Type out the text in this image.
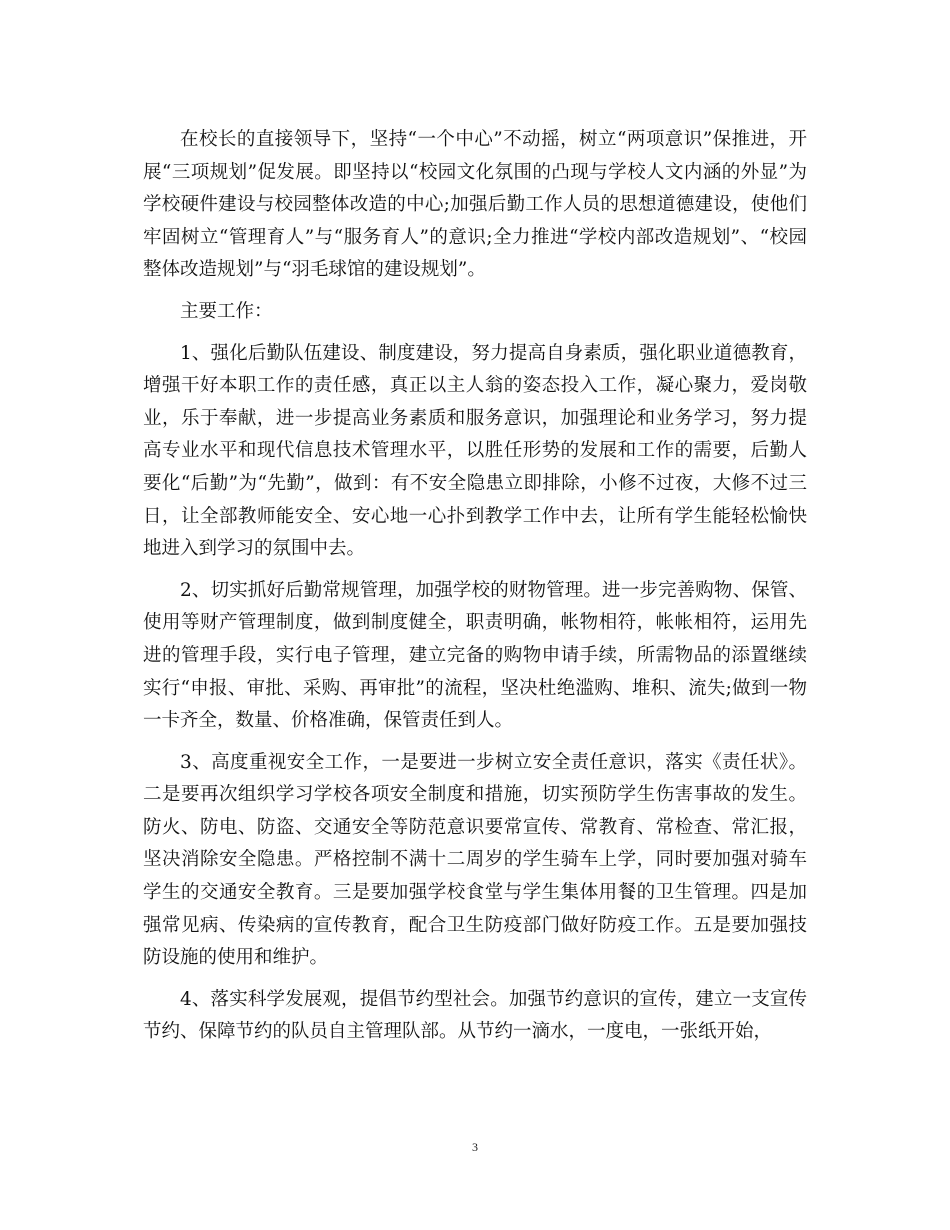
在校长的直接领导下，坚持“一个中心”不动摇，树立“两项意识”保推进，开展“三项规划”促发展。即坚持以“校园文化氛围的凸现与学校人文内涵的外显”为学校硬件建设与校园整体改造的中心;加强后勤工作人员的思想道德建设，使他们牢固树立“管理育人”与“服务育人”的意识;全力推进“学校内部改造规划”、“校园整体改造规划”与“羽毛球馆的建设规划”。

主要工作：

1、强化后勤队伍建设、制度建设，努力提高自身素质，强化职业道德教育，增强干好本职工作的责任感，真正以主人翁的姿态投入工作，凝心聚力，爱岗敬业，乐于奉献，进一步提高业务素质和服务意识，加强理论和业务学习，努力提高专业水平和现代信息技术管理水平，以胜任形势的发展和工作的需要，后勤人要化“后勤”为“先勤”，做到：有不安全隐患立即排除，小修不过夜，大修不过三日，让全部教师能安全、安心地一心扑到教学工作中去，让所有学生能轻松愉快地进入到学习的氛围中去。

2、切实抓好后勤常规管理，加强学校的财物管理。进一步完善购物、保管、使用等财产管理制度，做到制度健全，职责明确，帐物相符，帐帐相符，运用先进的管理手段，实行电子管理，建立完备的购物申请手续，所需物品的添置继续实行“申报、审批、采购、再审批”的流程，坚决杜绝滥购、堆积、流失;做到一物一卡齐全，数量、价格准确，保管责任到人。

3、高度重视安全工作，一是要进一步树立安全责任意识，落实《责任状》。二是要再次组织学习学校各项安全制度和措施，切实预防学生伤害事故的发生。防火、防电、防盗、交通安全等防范意识要常宣传、常教育、常检查、常汇报，坚决消除安全隐患。严格控制不满十二周岁的学生骑车上学，同时要加强对骑车学生的交通安全教育。三是要加强学校食堂与学生集体用餐的卫生管理。四是加强常见病、传染病的宣传教育，配合卫生防疫部门做好防疫工作。五是要加强技防设施的使用和维护。

4、落实科学发展观，提倡节约型社会。加强节约意识的宣传，建立一支宣传节约、保障节约的队员自主管理队部。从节约一滴水，一度电，一张纸开始，

3
